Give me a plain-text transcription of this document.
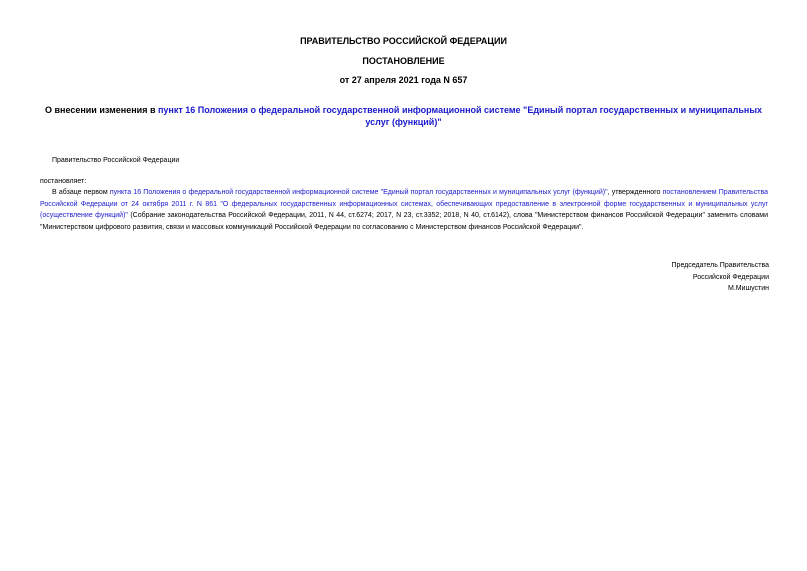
ПРАВИТЕЛЬСТВО РОССИЙСКОЙ ФЕДЕРАЦИИ
ПОСТАНОВЛЕНИЕ
от 27 апреля 2021 года N 657
О внесении изменения в пункт 16 Положения о федеральной государственной информационной системе "Единый портал государственных и муниципальных услуг (функций)"
Правительство Российской Федерации
постановляет:
В абзаце первом пункта 16 Положения о федеральной государственной информационной системе "Единый портал государственных и муниципальных услуг (функций)", утвержденного постановлением Правительства Российской Федерации от 24 октября 2011 г. N 861 "О федеральных государственных информационных системах, обеспечивающих предоставление в электронной форме государственных и муниципальных услуг (осуществление функций)" (Собрание законодательства Российской Федерации, 2011, N 44, ст.6274; 2017, N 23, ст.3352; 2018, N 40, ст.6142), слова "Министерством финансов Российской Федерации" заменить словами "Министерством цифрового развития, связи и массовых коммуникаций Российской Федерации по согласованию с Министерством финансов Российской Федерации".
Председатель Правительства
Российской Федерации
М.Мишустин
